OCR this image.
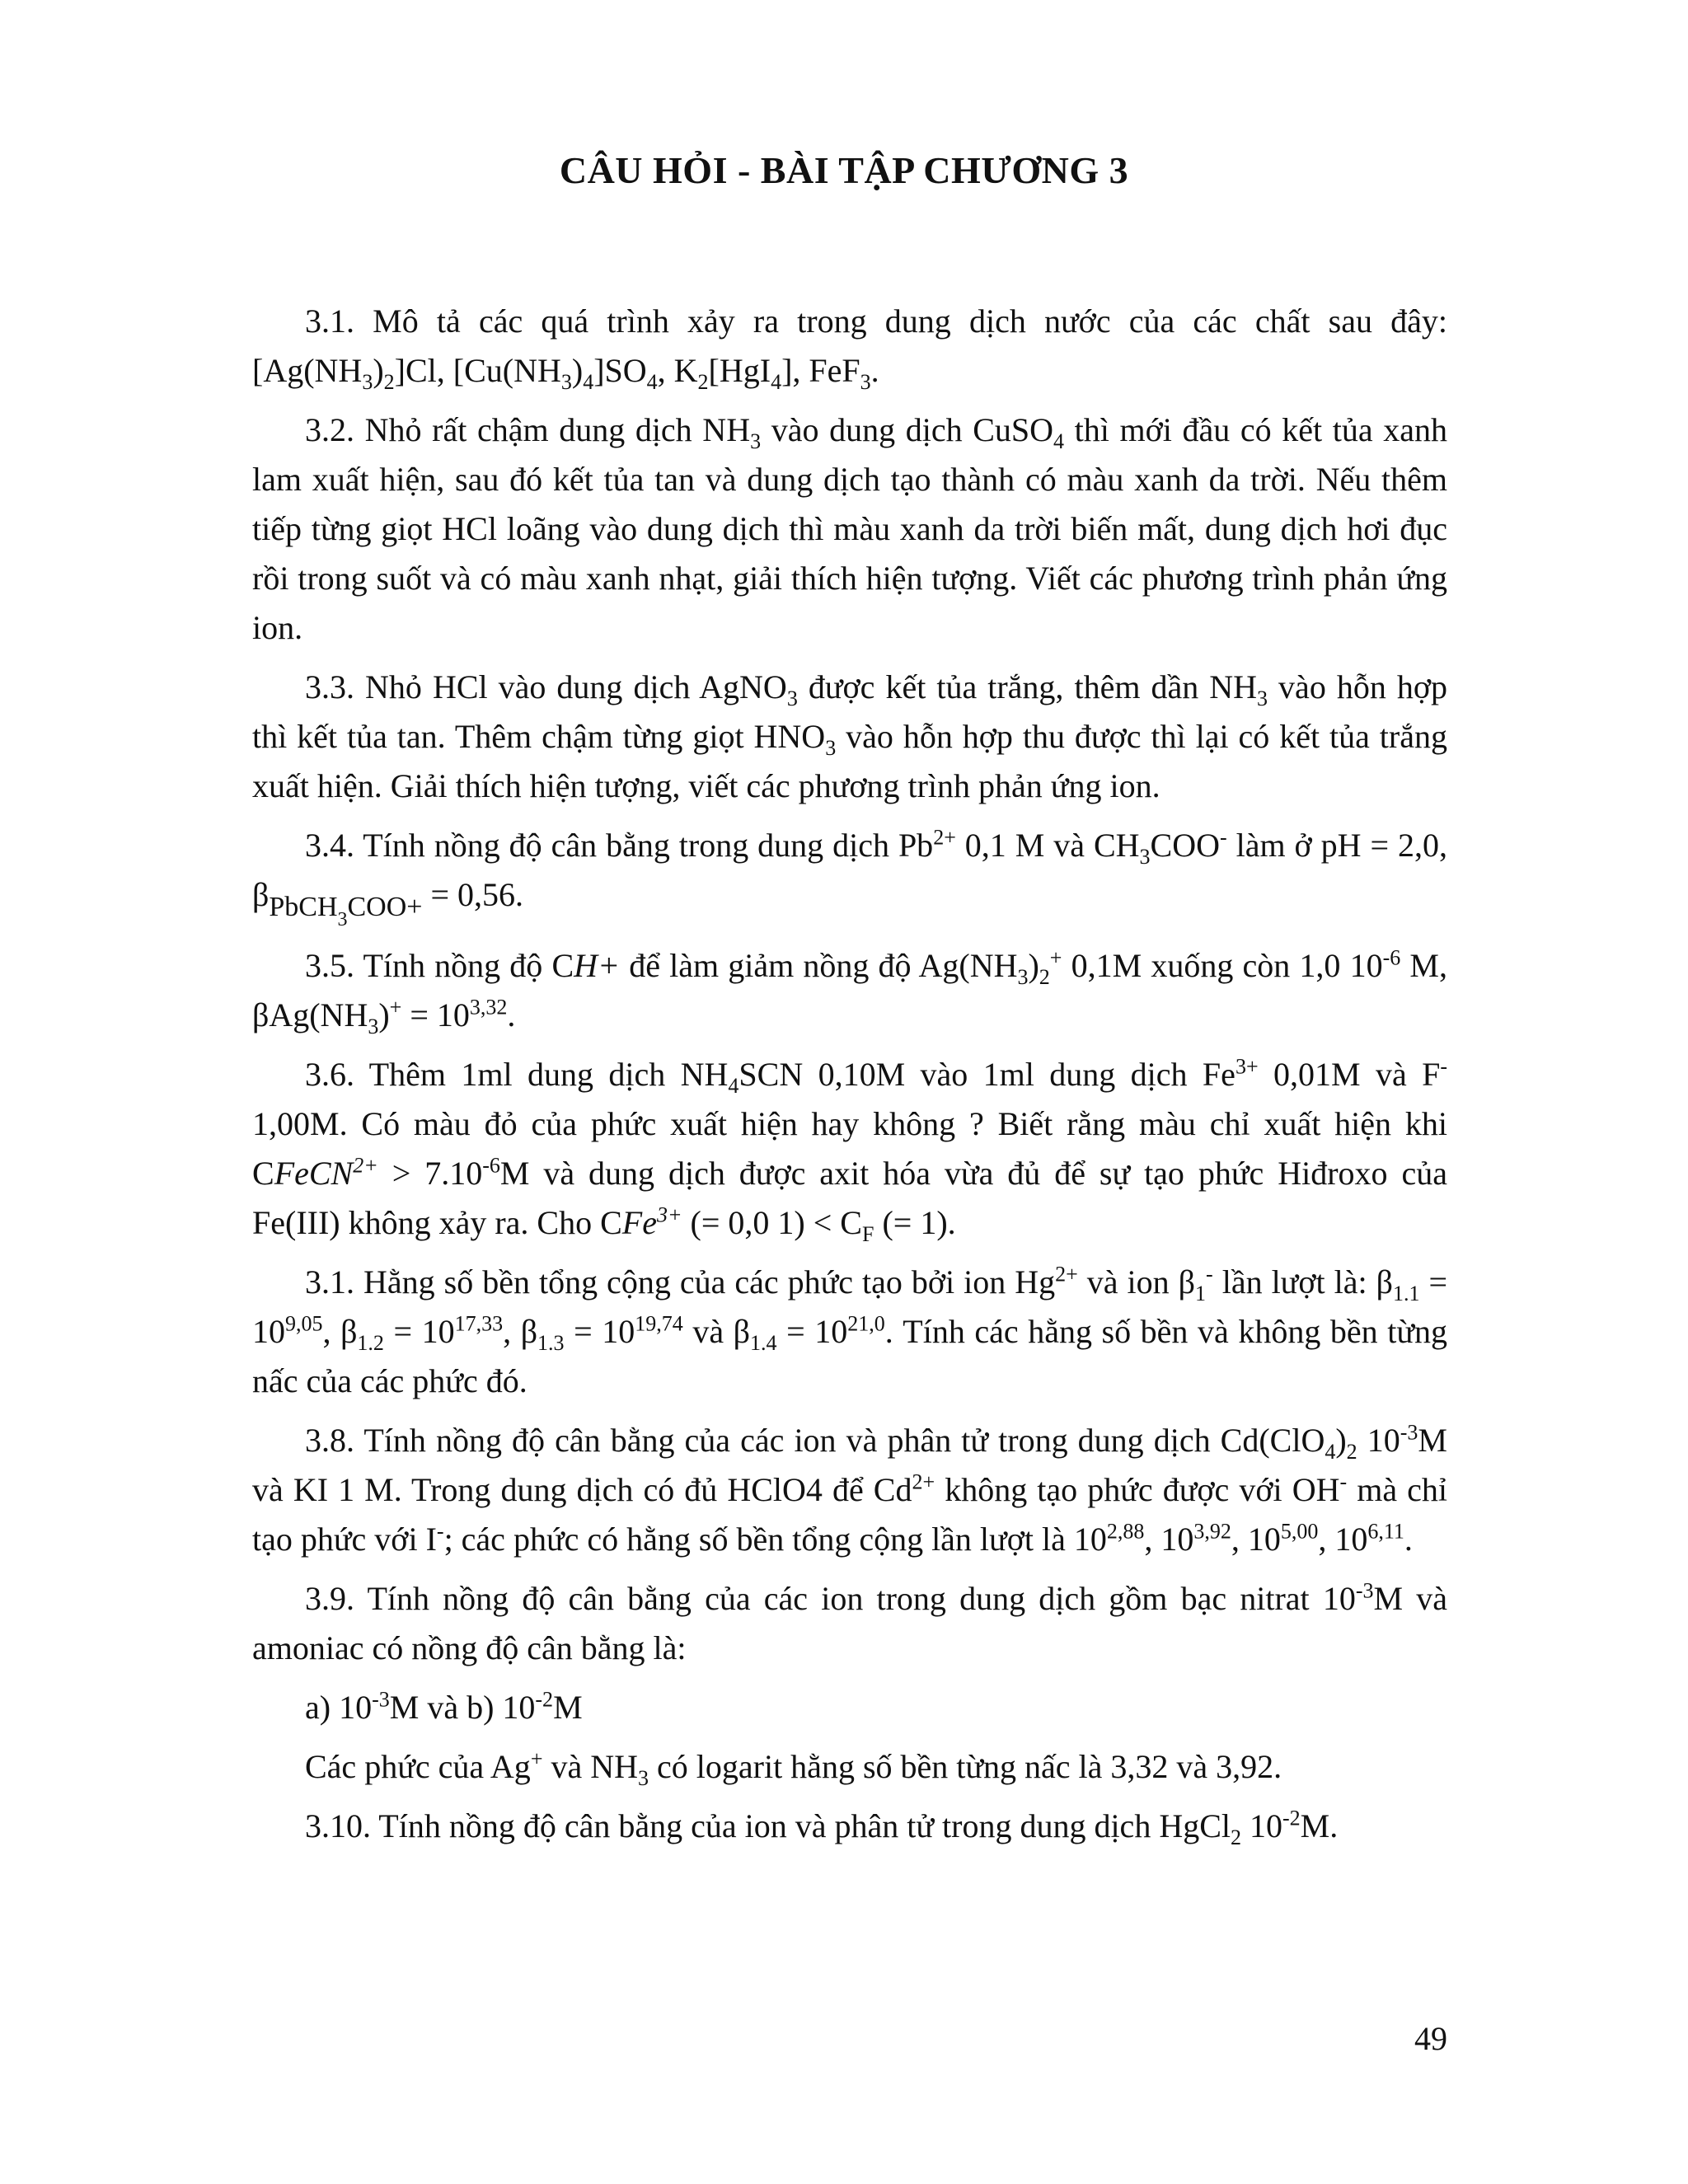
CÂU HỎI - BÀI TẬP CHƯƠNG 3

3.1. Mô tả các quá trình xảy ra trong dung dịch nước của các chất sau đây: $[Ag(NH_3)_2]Cl$, $[Cu(NH_3)_4]SO_4$, $K_2[HgI_4]$, FeF$_3$.

3.2. Nhỏ rất chậm dung dịch $NH_3$ vào dung dịch CuSO$_4$ thì mới đầu có kết tủa xanh lam xuất hiện, sau đó kết tủa tan và dung dịch tạo thành có màu xanh da trời. Nếu thêm tiếp từng giọt HCl loãng vào dung dịch thì màu xanh da trời biến mất, dung dịch hơi đục rồi trong suốt và có màu xanh nhạt, giải thích hiện tượng. Viết các phương trình phản ứng ion.

3.3. Nhỏ HCl vào dung dịch AgNO$_3$ được kết tủa trắng, thêm dần $NH_3$ vào hỗn hợp thì kết tủa tan. Thêm chậm từng giọt $HNO_3$ vào hỗn hợp thu được thì lại có kết tủa trắng xuất hiện. Giải thích hiện tượng, viết các phương trình phản ứng ion.

3.4. Tính nồng độ cân bằng trong dung dịch $Pb^{2+}$ 0,1 M và $CH_3COO^-$ làm ở pH = 2,0, $\beta_{PbCH_3COO+} = 0,56$.

3.5. Tính nồng độ CH+ để làm giảm nồng độ $Ag(NH_3)_2^+$ 0,1M xuống còn 1,0 $10^{-6}$ M, $\beta Ag(NH_3)^+ = 10^{3,32}$.

3.6. Thêm 1ml dung dịch $NH_4SCN$ 0,10M vào 1ml dung dịch $Fe^{3+}$ 0,01M và F- 1,00M. Có màu đỏ của phức xuất hiện hay không ? Biết rằng màu chỉ xuất hiện khi CFeCN$^{2+}$ > $7.10^{-6}M$ và dung dịch được axit hóa vừa đủ để sự tạo phức Hiđroxo của Fe(III) không xảy ra. Cho CFe$^{3+}$ (= 0,0 $1) < C_F$ (= 1).

3.1. Hằng số bền tổng cộng của các phức tạo bởi ion $Hg^{2+}$ và ion $\beta_1^-$ lần lượt là: $\beta_{1.1} = 10^{9,05}$, $\beta_{1.2} = 10^{17,33}$, $\beta_{1.3} = 10^{19,74}$ và $\beta_{1.4} = 10^{21,0}$. Tính các hằng số bền và không bền từng nấc của các phức đó.

3.8. Tính nồng độ cân bằng của các ion và phân tử trong dung dịch $Cd(ClO_4)_2$ $10^{-3}M$ và KI 1 M. Trong dung dịch có đủ HClO4 để $Cd^{2+}$ không tạo phức được với OH- mà chỉ tạo phức với I-; các phức có hằng số bền tổng cộng lần lượt là 10$^{2,88}$, 10$^{3,92}$, 10$^{5,00}$, 10$^{6,11}$.

3.9. Tính nồng độ cân bằng của các ion trong dung dịch gồm bạc nitrat $10^{-3}M$ và amoniac có nồng độ cân bằng là:

a) $10^{-3}M$ và b) $10^{-2}M$

Các phức của Ag+ và $NH_3$ có logarit hằng số bền từng nấc là 3,32 và 3,92.

3.10. Tính nồng độ cân bằng của ion và phân tử trong dung dịch HgCl$_2$ $10^{-2}M$.

49
